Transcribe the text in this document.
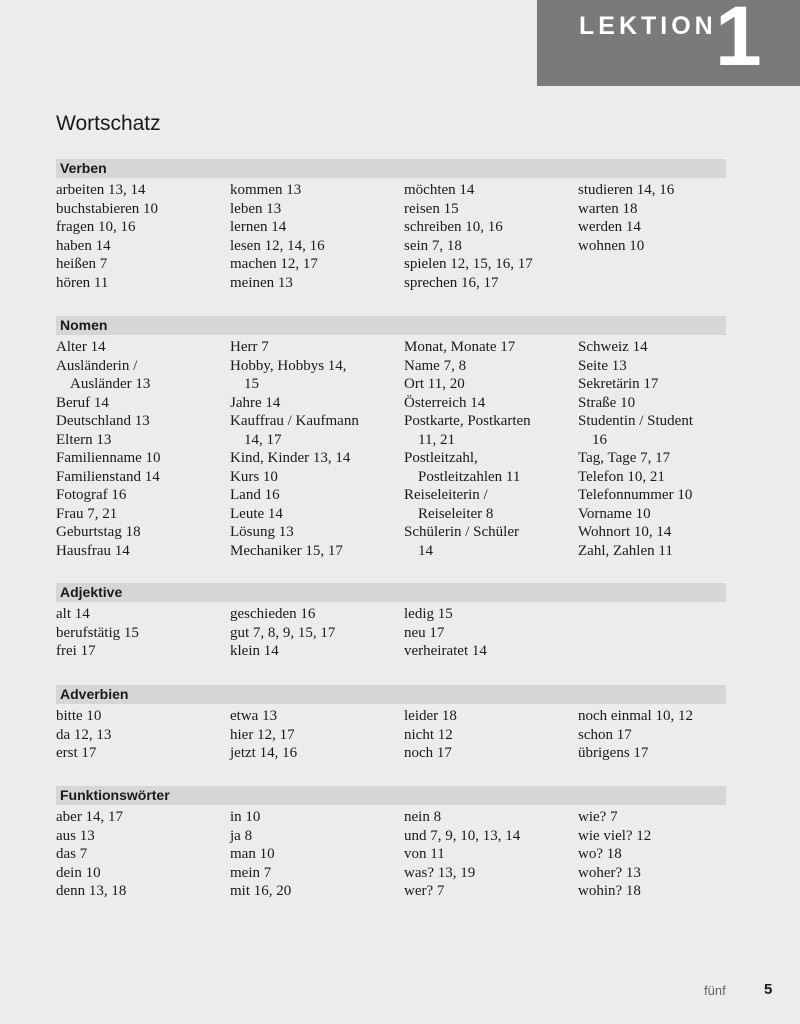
LEKTION
1
Wortschatz
Verben
arbeiten 13, 14
buchstabieren 10
fragen 10, 16
haben 14
heißen 7
hören 11
kommen 13
leben 13
lernen 14
lesen 12, 14, 16
machen 12, 17
meinen 13
möchten 14
reisen 15
schreiben 10, 16
sein 7, 18
spielen 12, 15, 16, 17
sprechen 16, 17
studieren 14, 16
warten 18
werden 14
wohnen 10
Nomen
Alter 14
Ausländerin /
Ausländer 13
Beruf 14
Deutschland 13
Eltern 13
Familienname 10
Familienstand 14
Fotograf 16
Frau 7, 21
Geburtstag 18
Hausfrau 14
Herr 7
Hobby, Hobbys 14,
15
Jahre 14
Kauffrau / Kaufmann
14, 17
Kind, Kinder 13, 14
Kurs 10
Land 16
Leute 14
Lösung 13
Mechaniker 15, 17
Monat, Monate 17
Name 7, 8
Ort 11, 20
Österreich 14
Postkarte, Postkarten
11, 21
Postleitzahl,
Postleitzahlen 11
Reiseleiterin /
Reiseleiter 8
Schülerin / Schüler
14
Schweiz 14
Seite 13
Sekretärin 17
Straße 10
Studentin / Student
16
Tag, Tage 7, 17
Telefon 10, 21
Telefonnummer 10
Vorname 10
Wohnort 10, 14
Zahl, Zahlen 11
Adjektive
alt 14
berufstätig 15
frei 17
geschieden 16
gut 7, 8, 9, 15, 17
klein 14
ledig 15
neu 17
verheiratet 14
Adverbien
bitte 10
da 12, 13
erst 17
etwa 13
hier 12, 17
jetzt 14, 16
leider 18
nicht 12
noch 17
noch einmal 10, 12
schon 17
übrigens 17
Funktionswörter
aber 14, 17
aus 13
das 7
dein 10
denn 13, 18
in 10
ja 8
man 10
mein 7
mit 16, 20
nein 8
und 7, 9, 10, 13, 14
von 11
was? 13, 19
wer? 7
wie? 7
wie viel? 12
wo? 18
woher? 13
wohin? 18
fünf	5
